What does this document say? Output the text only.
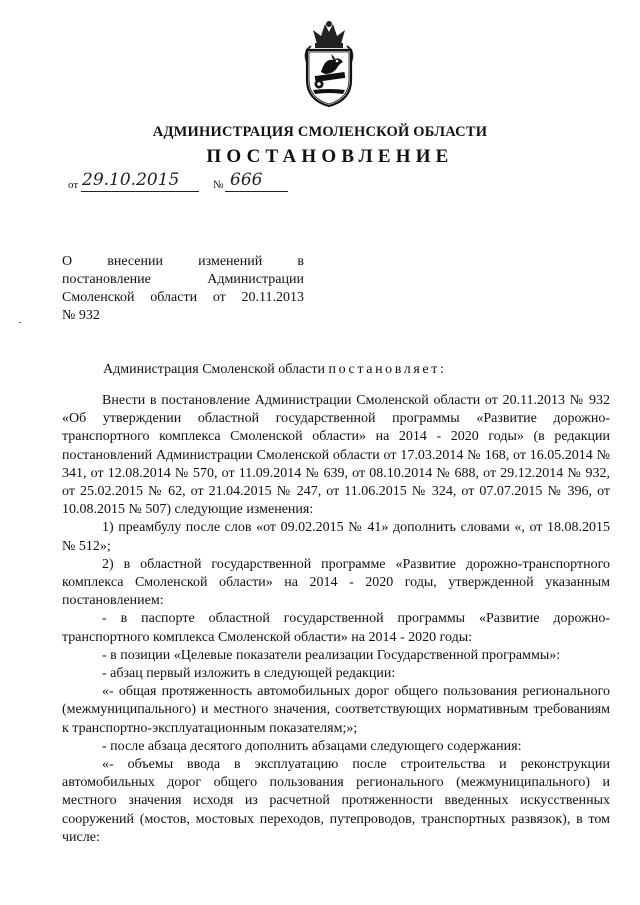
АДМИНИСТРАЦИЯ СМОЛЕНСКОЙ ОБЛАСТИ
ПОСТАНОВЛЕНИЕ
от 29.10.2015	№ 666
О внесении изменений в
постановление Администрации
Смоленской области от 20.11.2013
№ 932
Администрация Смоленской области постановляет:

Внести в постановление Администрации Смоленской области от 20.11.2013 № 932 «Об утверждении областной государственной программы «Развитие дорожно-транспортного комплекса Смоленской области» на 2014 - 2020 годы» (в редакции постановлений Администрации Смоленской области от 17.03.2014 № 168, от 16.05.2014 № 341, от 12.08.2014 № 570, от 11.09.2014 № 639, от 08.10.2014 № 688, от 29.12.2014 № 932, от 25.02.2015 № 62, от 21.04.2015 № 247, от 11.06.2015 № 324, от 07.07.2015 № 396, от 10.08.2015 № 507) следующие изменения:

1) преамбулу после слов «от 09.02.2015 № 41» дополнить словами «, от 18.08.2015 № 512»;

2) в областной государственной программе «Развитие дорожно-транспортного комплекса Смоленской области» на 2014 - 2020 годы, утвержденной указанным постановлением:

- в паспорте областной государственной программы «Развитие дорожно-транспортного комплекса Смоленской области» на 2014 - 2020 годы:

- в позиции «Целевые показатели реализации Государственной программы»:

- абзац первый изложить в следующей редакции:

«- общая протяженность автомобильных дорог общего пользования регионального (межмуниципального) и местного значения, соответствующих нормативным требованиям к транспортно-эксплуатационным показателям;»;

- после абзаца десятого дополнить абзацами следующего содержания:

«- объемы ввода в эксплуатацию после строительства и реконструкции автомобильных дорог общего пользования регионального (межмуниципального) и местного значения исходя из расчетной протяженности введенных искусственных сооружений (мостов, мостовых переходов, путепроводов, транспортных развязок), в том числе:
